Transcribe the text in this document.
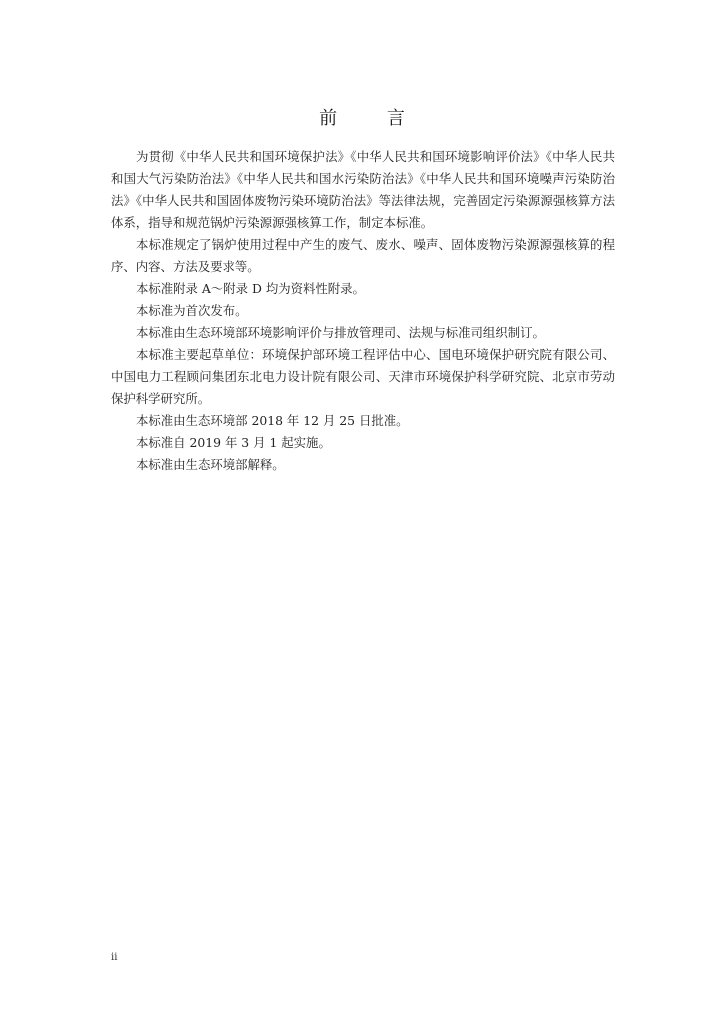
前 言

为贯彻《中华人民共和国环境保护法》《中华人民共和国环境影响评价法》《中华人民共和国大气污染防治法》《中华人民共和国水污染防治法》《中华人民共和国环境噪声污染防治法》《中华人民共和国固体废物污染环境防治法》等法律法规，完善固定污染源源强核算方法体系，指导和规范锅炉污染源源强核算工作，制定本标准。

本标准规定了锅炉使用过程中产生的废气、废水、噪声、固体废物污染源源强核算的程序、内容、方法及要求等。

本标准附录 A～附录 D 均为资料性附录。

本标准为首次发布。

本标准由生态环境部环境影响评价与排放管理司、法规与标准司组织制订。

本标准主要起草单位：环境保护部环境工程评估中心、国电环境保护研究院有限公司、中国电力工程顾问集团东北电力设计院有限公司、天津市环境保护科学研究院、北京市劳动保护科学研究所。

本标准由生态环境部 2018 年 12 月 25 日批准。

本标准自 2019 年 3 月 1 起实施。

本标准由生态环境部解释。

ii
